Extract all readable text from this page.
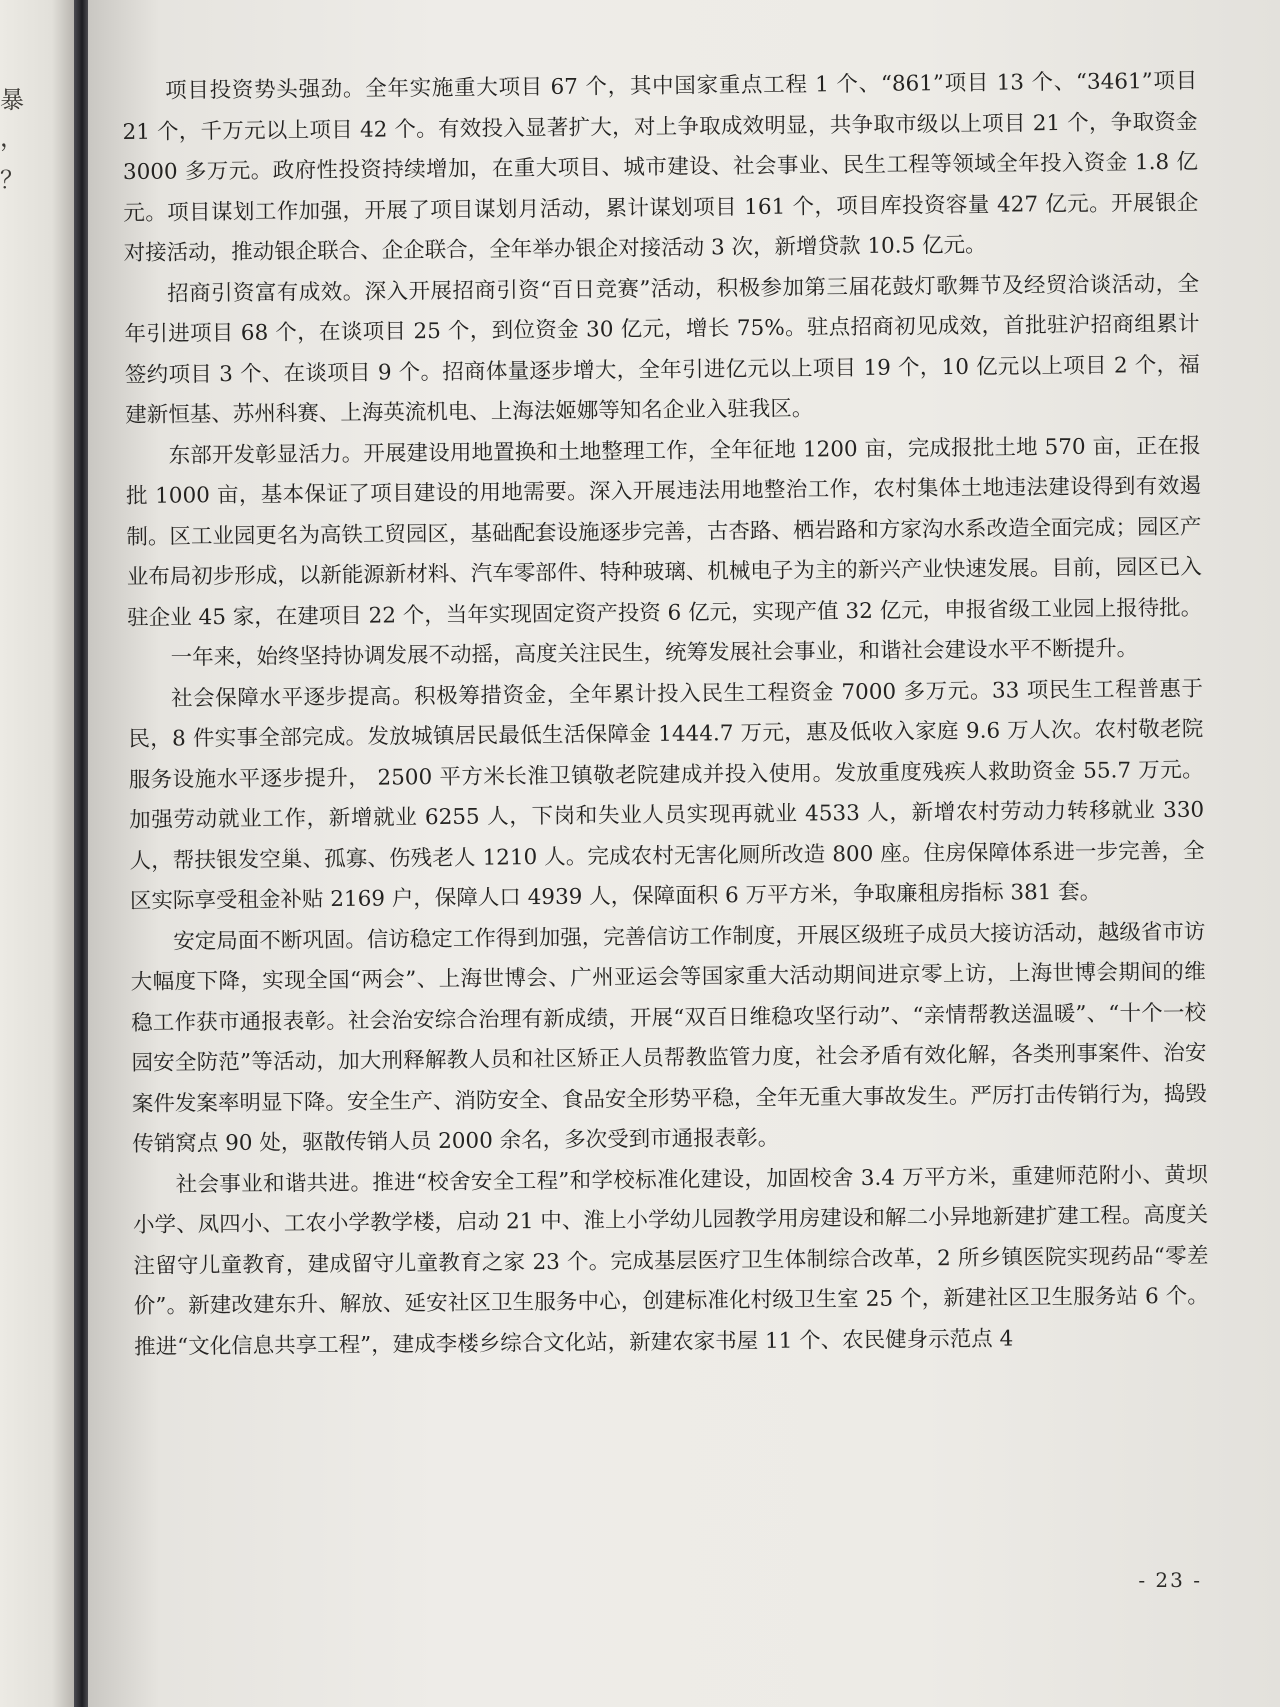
暴
，
？

项目投资势头强劲。全年实施重大项目 67 个，其中国家重点工程 1 个、“861”项目 13 个、“3461”项目 21 个，千万元以上项目 42 个。有效投入显著扩大，对上争取成效明显，共争取市级以上项目 21 个，争取资金 3000 多万元。政府性投资持续增加，在重大项目、城市建设、社会事业、民生工程等领域全年投入资金 1.8 亿元。项目谋划工作加强，开展了项目谋划月活动，累计谋划项目 161 个，项目库投资容量 427 亿元。开展银企对接活动，推动银企联合、企企联合，全年举办银企对接活动 3 次，新增贷款 10.5 亿元。

招商引资富有成效。深入开展招商引资“百日竞赛”活动，积极参加第三届花鼓灯歌舞节及经贸洽谈活动，全年引进项目 68 个，在谈项目 25 个，到位资金 30 亿元，增长 75%。驻点招商初见成效，首批驻沪招商组累计签约项目 3 个、在谈项目 9 个。招商体量逐步增大，全年引进亿元以上项目 19 个，10 亿元以上项目 2 个，福建新恒基、苏州科赛、上海英流机电、上海法姬娜等知名企业入驻我区。

东部开发彰显活力。开展建设用地置换和土地整理工作，全年征地 1200 亩，完成报批土地 570 亩，正在报批 1000 亩，基本保证了项目建设的用地需要。深入开展违法用地整治工作，农村集体土地违法建设得到有效遏制。区工业园更名为高铁工贸园区，基础配套设施逐步完善，古杏路、栖岩路和方家沟水系改造全面完成；园区产业布局初步形成，以新能源新材料、汽车零部件、特种玻璃、机械电子为主的新兴产业快速发展。目前，园区已入驻企业 45 家，在建项目 22 个，当年实现固定资产投资 6 亿元，实现产值 32 亿元，申报省级工业园上报待批。

一年来，始终坚持协调发展不动摇，高度关注民生，统筹发展社会事业，和谐社会建设水平不断提升。

社会保障水平逐步提高。积极筹措资金，全年累计投入民生工程资金 7000 多万元。33 项民生工程普惠于民，8 件实事全部完成。发放城镇居民最低生活保障金 1444.7 万元，惠及低收入家庭 9.6 万人次。农村敬老院服务设施水平逐步提升， 2500 平方米长淮卫镇敬老院建成并投入使用。发放重度残疾人救助资金 55.7 万元。加强劳动就业工作，新增就业 6255 人，下岗和失业人员实现再就业 4533 人，新增农村劳动力转移就业 330 人，帮扶银发空巢、孤寡、伤残老人 1210 人。完成农村无害化厕所改造 800 座。住房保障体系进一步完善，全区实际享受租金补贴 2169 户，保障人口 4939 人，保障面积 6 万平方米，争取廉租房指标 381 套。

安定局面不断巩固。信访稳定工作得到加强，完善信访工作制度，开展区级班子成员大接访活动，越级省市访大幅度下降，实现全国“两会”、上海世博会、广州亚运会等国家重大活动期间进京零上访，上海世博会期间的维稳工作获市通报表彰。社会治安综合治理有新成绩，开展“双百日维稳攻坚行动”、“亲情帮教送温暖”、“十个一校园安全防范”等活动，加大刑释解教人员和社区矫正人员帮教监管力度，社会矛盾有效化解，各类刑事案件、治安案件发案率明显下降。安全生产、消防安全、食品安全形势平稳，全年无重大事故发生。严厉打击传销行为，捣毁传销窝点 90 处，驱散传销人员 2000 余名，多次受到市通报表彰。

社会事业和谐共进。推进“校舍安全工程”和学校标准化建设，加固校舍 3.4 万平方米，重建师范附小、黄坝小学、凤四小、工农小学教学楼，启动 21 中、淮上小学幼儿园教学用房建设和解二小异地新建扩建工程。高度关注留守儿童教育，建成留守儿童教育之家 23 个。完成基层医疗卫生体制综合改革，2 所乡镇医院实现药品“零差价”。新建改建东升、解放、延安社区卫生服务中心，创建标准化村级卫生室 25 个，新建社区卫生服务站 6 个。推进“文化信息共享工程”，建成李楼乡综合文化站，新建农家书屋 11 个、农民健身示范点 4

- 23 -
